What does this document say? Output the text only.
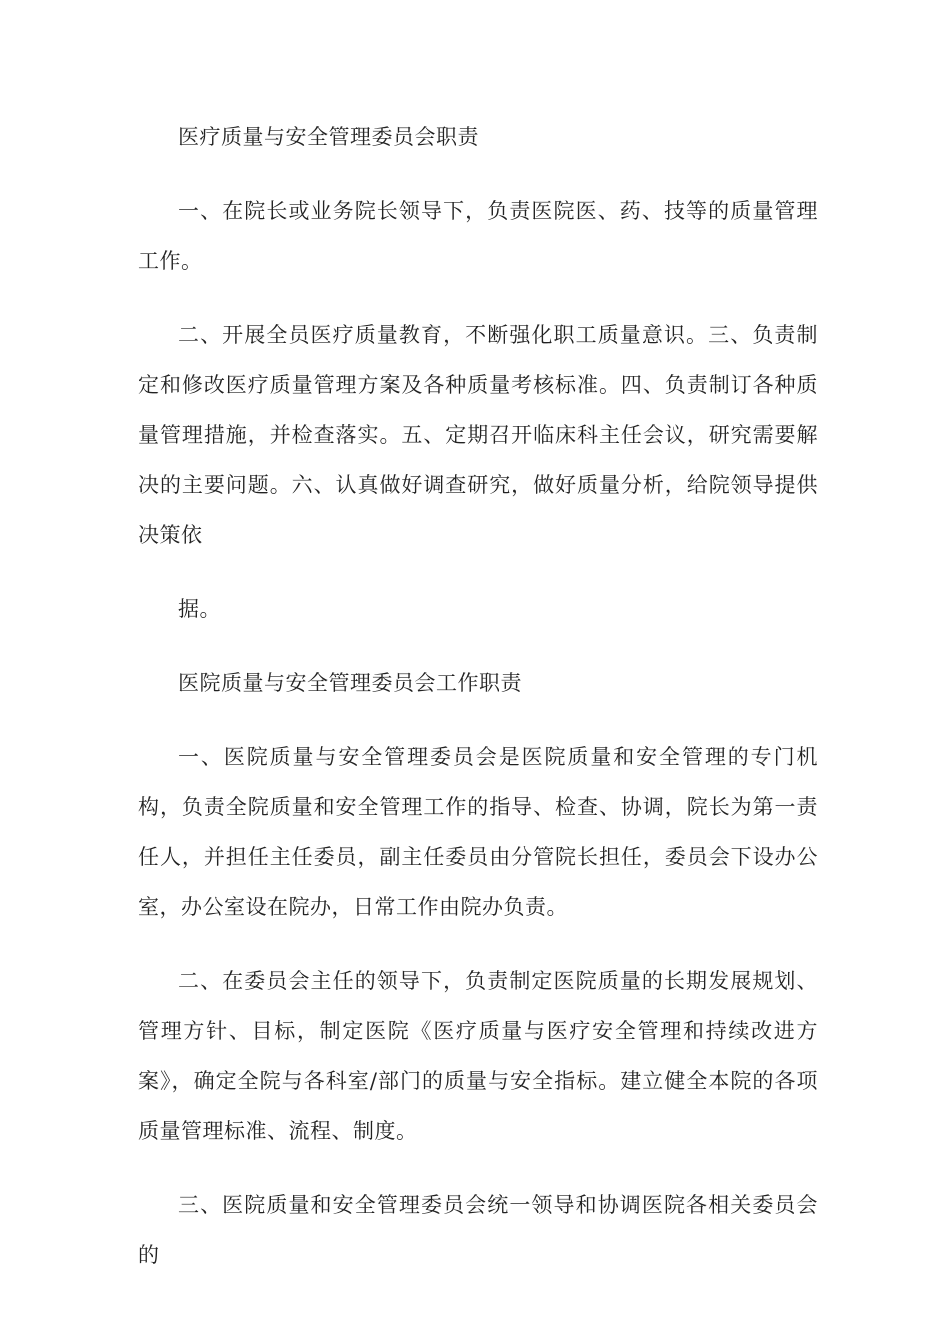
医疗质量与安全管理委员会职责

一、在院长或业务院长领导下，负责医院医、药、技等的质量管理工作。

二、开展全员医疗质量教育，不断强化职工质量意识。三、负责制定和修改医疗质量管理方案及各种质量考核标准。四、负责制订各种质量管理措施，并检查落实。五、定期召开临床科主任会议，研究需要解决的主要问题。六、认真做好调查研究，做好质量分析，给院领导提供决策依

据。

医院质量与安全管理委员会工作职责

一、医院质量与安全管理委员会是医院质量和安全管理的专门机构，负责全院质量和安全管理工作的指导、检查、协调，院长为第一责任人，并担任主任委员，副主任委员由分管院长担任，委员会下设办公室，办公室设在院办，日常工作由院办负责。

二、在委员会主任的领导下，负责制定医院质量的长期发展规划、管理方针、目标，制定医院《医疗质量与医疗安全管理和持续改进方案》，确定全院与各科室/部门的质量与安全指标。建立健全本院的各项质量管理标准、流程、制度。

三、医院质量和安全管理委员会统一领导和协调医院各相关委员会的
